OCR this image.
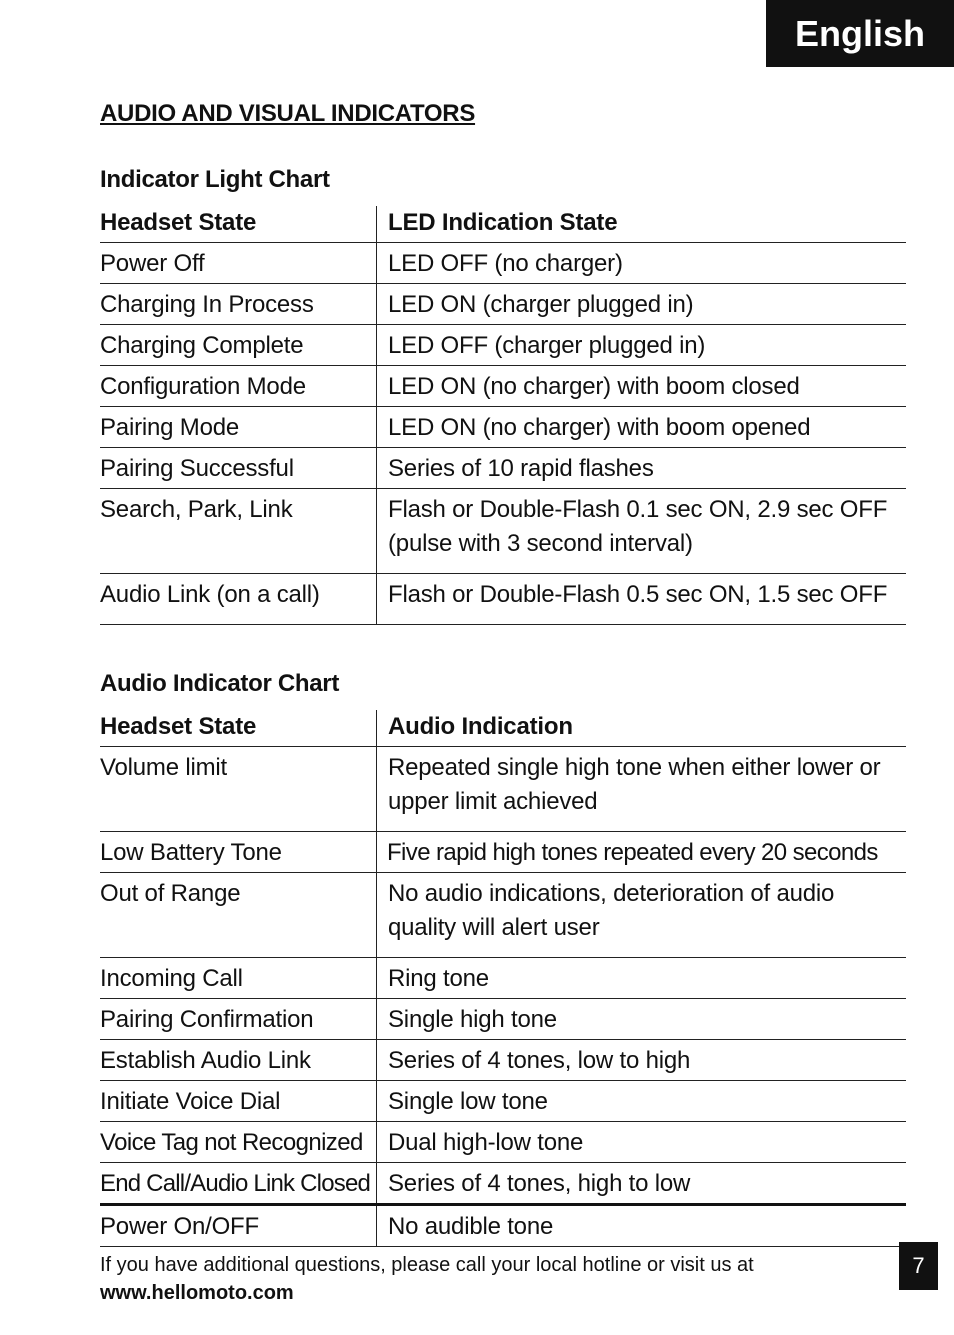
English
AUDIO AND VISUAL INDICATORS
Indicator Light Chart
Headset State	LED Indication State
Power Off	LED OFF (no charger)
Charging In Process	LED ON (charger plugged in)
Charging Complete	LED OFF (charger plugged in)
Configuration Mode	LED ON (no charger) with boom closed
Pairing Mode	LED ON (no charger) with boom opened
Pairing Successful	Series of 10 rapid flashes
Search, Park, Link	Flash or Double-Flash 0.1 sec ON, 2.9 sec OFF (pulse with 3 second interval)
Audio Link (on a call)	Flash or Double-Flash 0.5 sec ON, 1.5 sec OFF
Audio Indicator Chart
Headset State	Audio Indication
Volume limit	Repeated single high tone when either lower or upper limit achieved
Low Battery Tone	Five rapid high tones repeated every 20 seconds
Out of Range	No audio indications, deterioration of audio quality will alert user
Incoming Call	Ring tone
Pairing Confirmation	Single high tone
Establish Audio Link	Series of 4 tones, low to high
Initiate Voice Dial	Single low tone
Voice Tag not Recognized	Dual high-low tone
End Call/Audio Link Closed	Series of 4 tones, high to low
Power On/OFF	No audible tone
If you have additional questions, please call your local hotline or visit us at
www.hellomoto.com
7
